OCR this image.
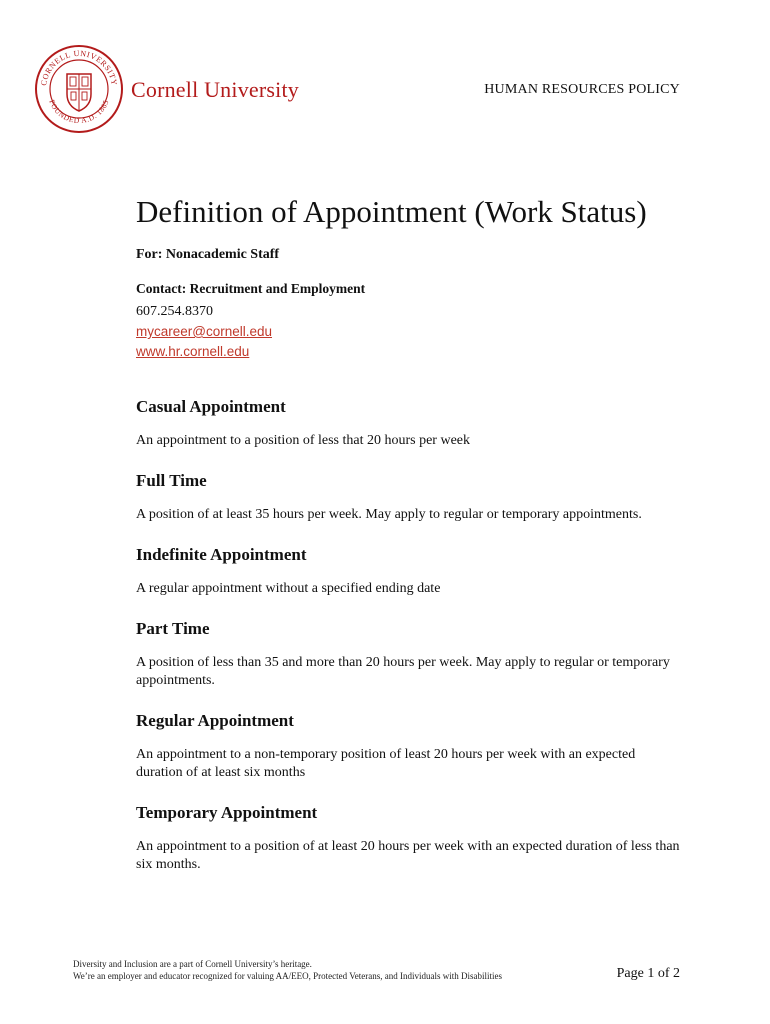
CORNELL UNIVERSITY
FOUNDED A.D. 1865
Cornell University	HUMAN RESOURCES POLICY
Definition of Appointment (Work Status)
For: Nonacademic Staff
Contact: Recruitment and Employment
607.254.8370
mycareer@cornell.edu
www.hr.cornell.edu
Casual Appointment

An appointment to a position of less that 20 hours per week

Full Time

A position of at least 35 hours per week. May apply to regular or temporary appointments.

Indefinite Appointment

A regular appointment without a specified ending date

Part Time

A position of less than 35 and more than 20 hours per week. May apply to regular or temporary appointments.

Regular Appointment

An appointment to a non-temporary position of least 20 hours per week with an expected duration of at least six months

Temporary Appointment

An appointment to a position of at least 20 hours per week with an expected duration of less than six months.

Diversity and Inclusion are a part of Cornell University’s heritage.
We’re an employer and educator recognized for valuing AA/EEO, Protected Veterans, and Individuals with Disabilities	Page 1 of 2
